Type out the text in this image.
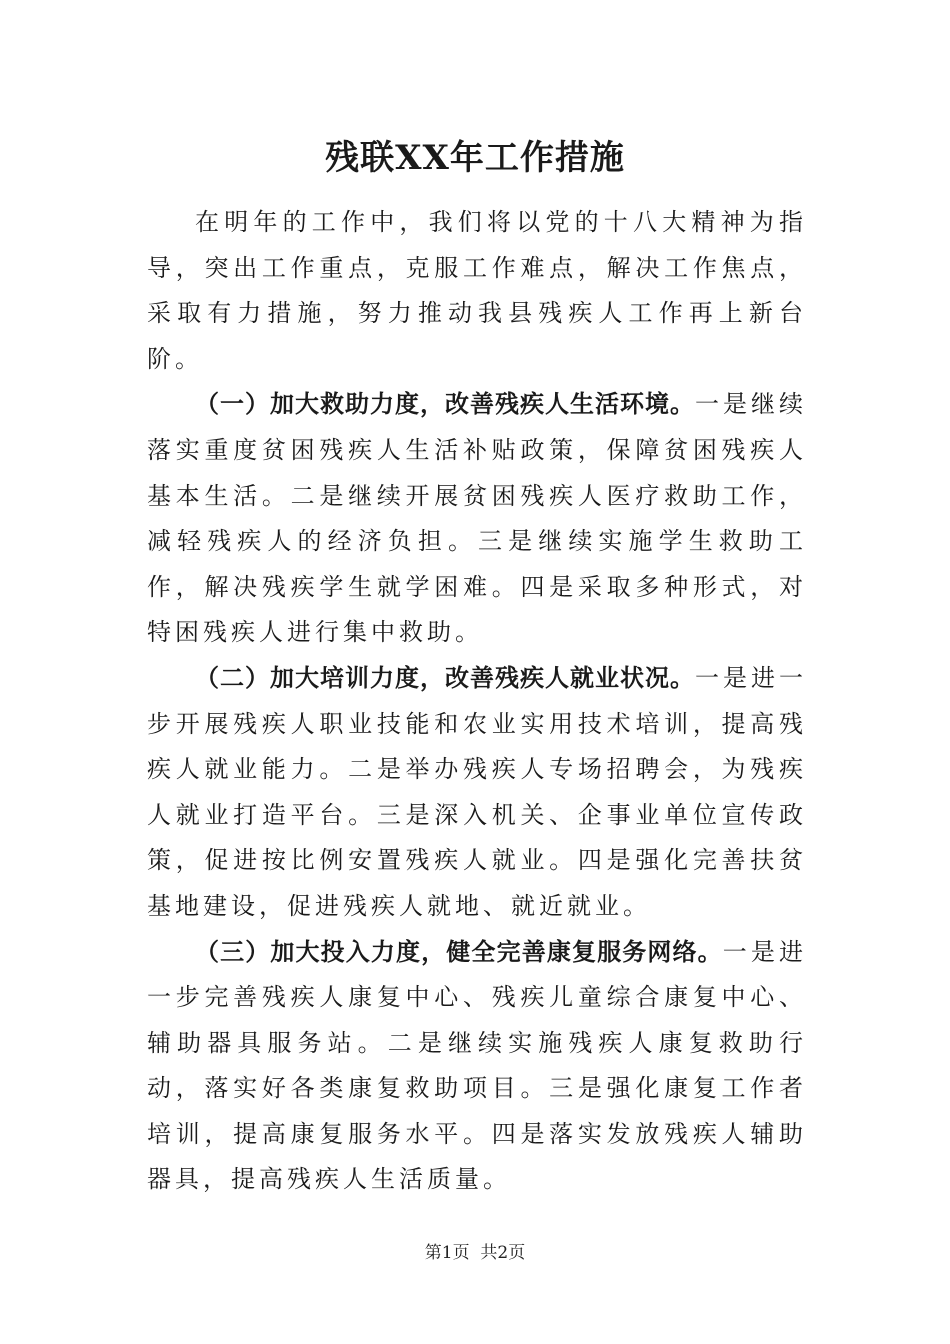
残联XX年工作措施

在明年的工作中，我们将以党的十八大精神为指导，突出工作重点，克服工作难点，解决工作焦点，采取有力措施，努力推动我县残疾人工作再上新台阶。

（一）加大救助力度，改善残疾人生活环境。一是继续落实重度贫困残疾人生活补贴政策，保障贫困残疾人基本生活。二是继续开展贫困残疾人医疗救助工作，减轻残疾人的经济负担。三是继续实施学生救助工作，解决残疾学生就学困难。四是采取多种形式，对特困残疾人进行集中救助。

（二）加大培训力度，改善残疾人就业状况。一是进一步开展残疾人职业技能和农业实用技术培训，提高残疾人就业能力。二是举办残疾人专场招聘会，为残疾人就业打造平台。三是深入机关、企事业单位宣传政策，促进按比例安置残疾人就业。四是强化完善扶贫基地建设，促进残疾人就地、就近就业。

（三）加大投入力度，健全完善康复服务网络。一是进一步完善残疾人康复中心、残疾儿童综合康复中心、辅助器具服务站。二是继续实施残疾人康复救助行动，落实好各类康复救助项目。三是强化康复工作者培训，提高康复服务水平。四是落实发放残疾人辅助器具，提高残疾人生活质量。

第1页 共2页
